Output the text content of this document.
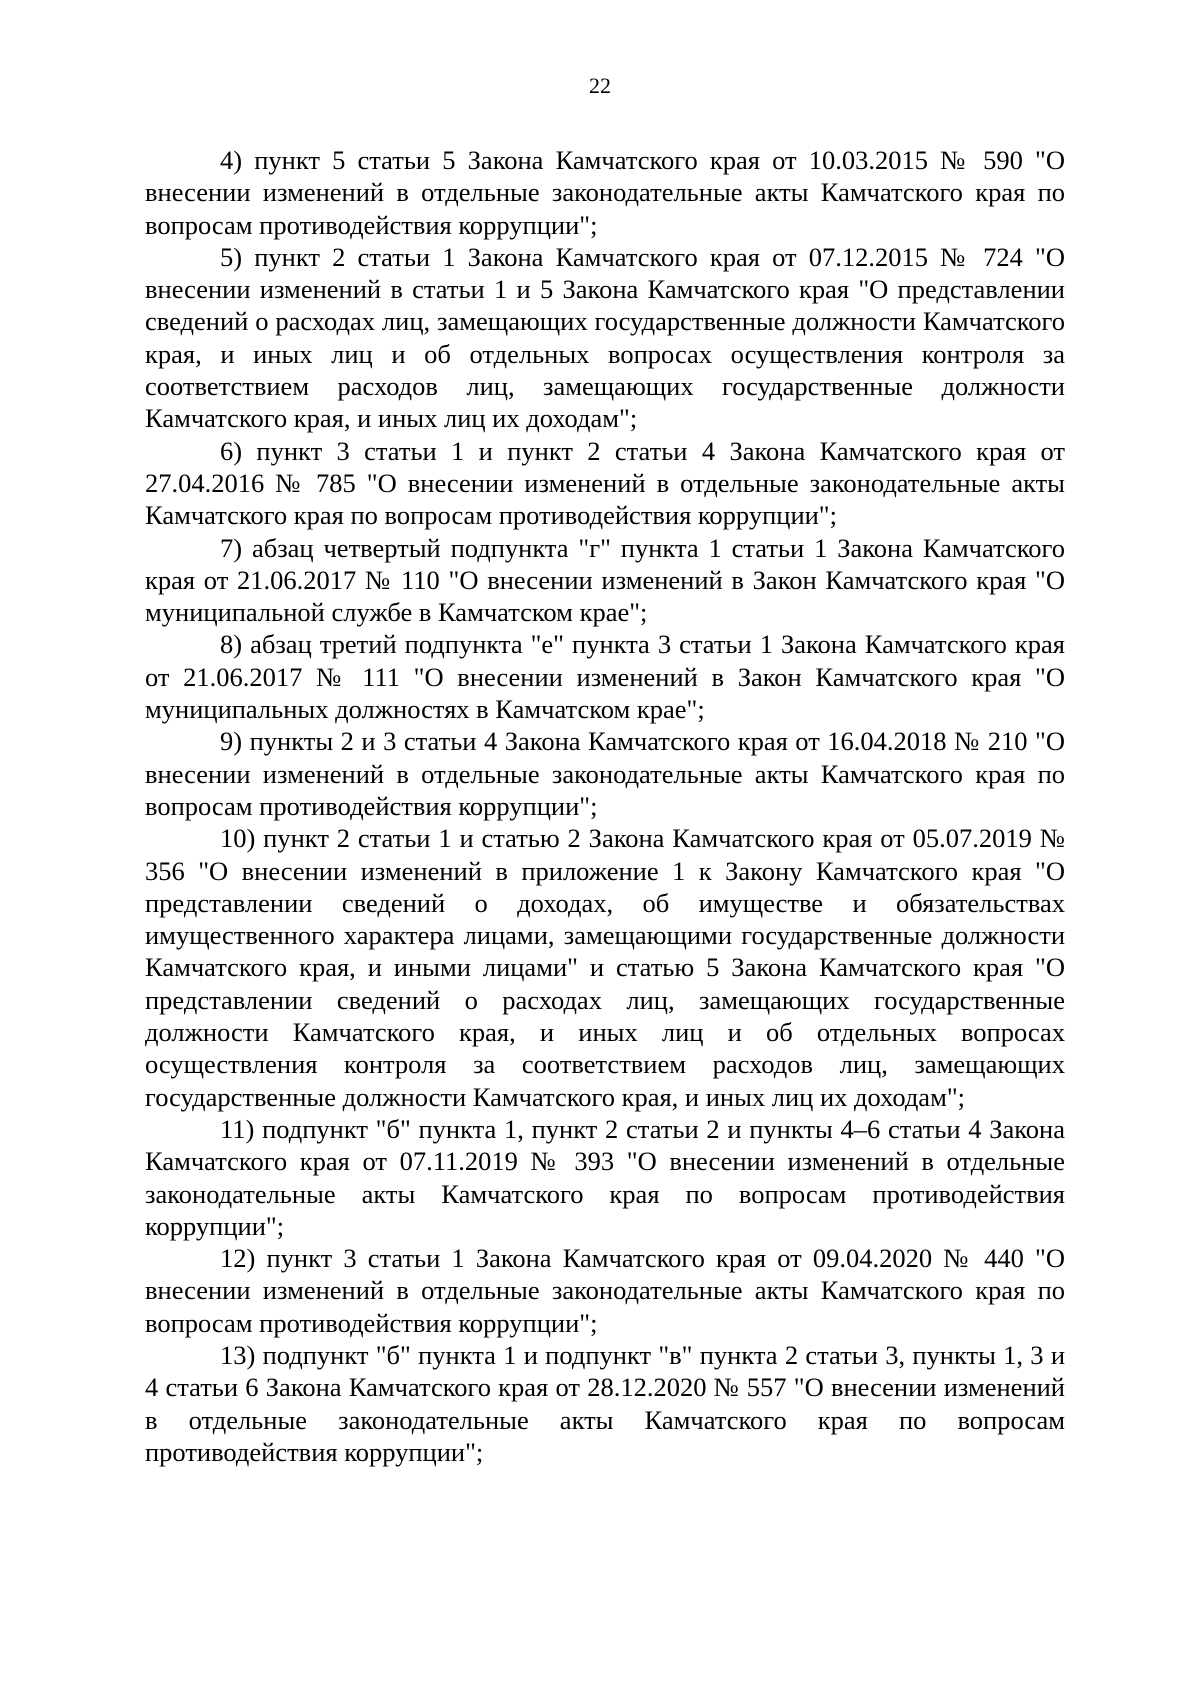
22

4) пункт 5 статьи 5 Закона Камчатского края от 10.03.2015 № 590 "О внесении изменений в отдельные законодательные акты Камчатского края по вопросам противодействия коррупции";

5) пункт 2 статьи 1 Закона Камчатского края от 07.12.2015 № 724 "О внесении изменений в статьи 1 и 5 Закона Камчатского края "О представлении сведений о расходах лиц, замещающих государственные должности Камчатского края, и иных лиц и об отдельных вопросах осуществления контроля за соответствием расходов лиц, замещающих государственные должности Камчатского края, и иных лиц их доходам";

6) пункт 3 статьи 1 и пункт 2 статьи 4 Закона Камчатского края от 27.04.2016 № 785 "О внесении изменений в отдельные законодательные акты Камчатского края по вопросам противодействия коррупции";

7) абзац четвертый подпункта "г" пункта 1 статьи 1 Закона Камчатского края от 21.06.2017 № 110 "О внесении изменений в Закон Камчатского края "О муниципальной службе в Камчатском крае";

8) абзац третий подпункта "е" пункта 3 статьи 1 Закона Камчатского края от 21.06.2017 № 111 "О внесении изменений в Закон Камчатского края "О муниципальных должностях в Камчатском крае";

9) пункты 2 и 3 статьи 4 Закона Камчатского края от 16.04.2018 № 210 "О внесении изменений в отдельные законодательные акты Камчатского края по вопросам противодействия коррупции";

10) пункт 2 статьи 1 и статью 2 Закона Камчатского края от 05.07.2019 № 356 "О внесении изменений в приложение 1 к Закону Камчатского края "О представлении сведений о доходах, об имуществе и обязательствах имущественного характера лицами, замещающими государственные должности Камчатского края, и иными лицами" и статью 5 Закона Камчатского края "О представлении сведений о расходах лиц, замещающих государственные должности Камчатского края, и иных лиц и об отдельных вопросах осуществления контроля за соответствием расходов лиц, замещающих государственные должности Камчатского края, и иных лиц их доходам";

11) подпункт "б" пункта 1, пункт 2 статьи 2 и пункты 4–6 статьи 4 Закона Камчатского края от 07.11.2019 № 393 "О внесении изменений в отдельные законодательные акты Камчатского края по вопросам противодействия коррупции";

12) пункт 3 статьи 1 Закона Камчатского края от 09.04.2020 № 440 "О внесении изменений в отдельные законодательные акты Камчатского края по вопросам противодействия коррупции";

13) подпункт "б" пункта 1 и подпункт "в" пункта 2 статьи 3, пункты 1, 3 и 4 статьи 6 Закона Камчатского края от 28.12.2020 № 557 "О внесении изменений в отдельные законодательные акты Камчатского края по вопросам противодействия коррупции";
